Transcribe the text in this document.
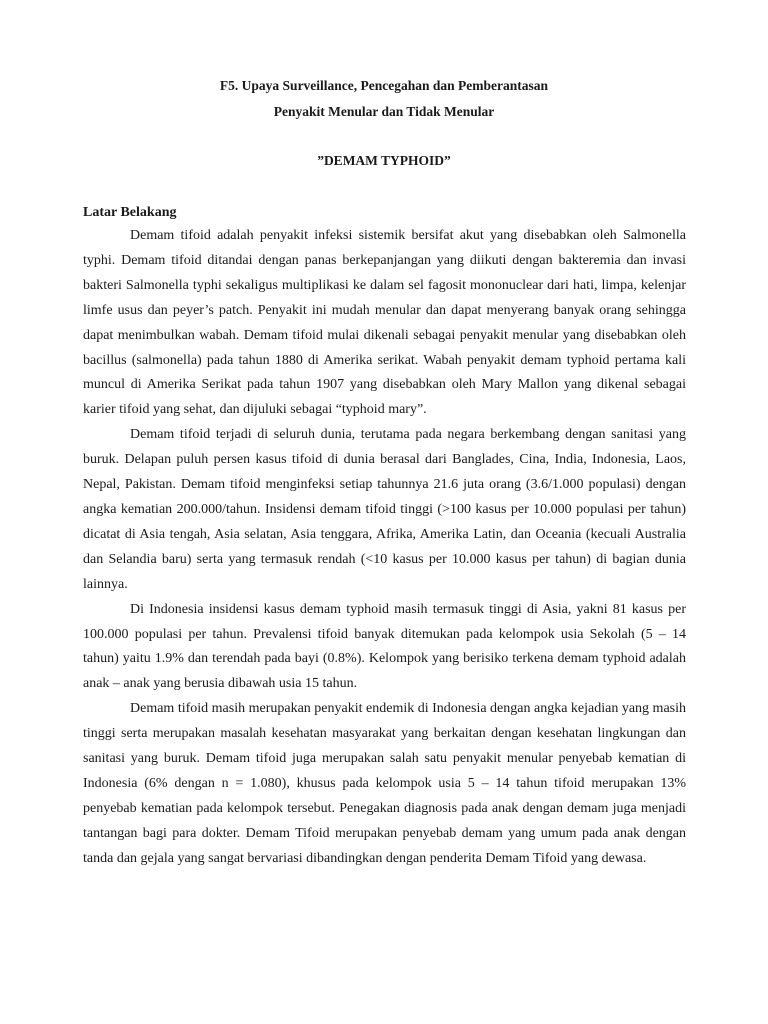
F5. Upaya Surveillance, Pencegahan dan Pemberantasan
Penyakit Menular dan Tidak Menular
”DEMAM TYPHOID”
Latar Belakang

Demam tifoid adalah penyakit infeksi sistemik bersifat akut yang disebabkan oleh Salmonella typhi. Demam tifoid ditandai dengan panas berkepanjangan yang diikuti dengan bakteremia dan invasi bakteri Salmonella typhi sekaligus multiplikasi ke dalam sel fagosit mononuclear dari hati, limpa, kelenjar limfe usus dan peyer’s patch. Penyakit ini mudah menular dan dapat menyerang banyak orang sehingga dapat menimbulkan wabah. Demam tifoid mulai dikenali sebagai penyakit menular yang disebabkan oleh bacillus (salmonella) pada tahun 1880 di Amerika serikat. Wabah penyakit demam typhoid pertama kali muncul di Amerika Serikat pada tahun 1907 yang disebabkan oleh Mary Mallon yang dikenal sebagai karier tifoid yang sehat, dan dijuluki sebagai “typhoid mary”.

Demam tifoid terjadi di seluruh dunia, terutama pada negara berkembang dengan sanitasi yang buruk. Delapan puluh persen kasus tifoid di dunia berasal dari Banglades, Cina, India, Indonesia, Laos, Nepal, Pakistan. Demam tifoid menginfeksi setiap tahunnya 21.6 juta orang (3.6/1.000 populasi) dengan angka kematian 200.000/tahun. Insidensi demam tifoid tinggi (>100 kasus per 10.000 populasi per tahun) dicatat di Asia tengah, Asia selatan, Asia tenggara, Afrika, Amerika Latin, dan Oceania (kecuali Australia dan Selandia baru) serta yang termasuk rendah (<10 kasus per 10.000 kasus per tahun) di bagian dunia lainnya.

Di Indonesia insidensi kasus demam typhoid masih termasuk tinggi di Asia, yakni 81 kasus per 100.000 populasi per tahun. Prevalensi tifoid banyak ditemukan pada kelompok usia Sekolah (5 – 14 tahun) yaitu 1.9% dan terendah pada bayi (0.8%). Kelompok yang berisiko terkena demam typhoid adalah anak – anak yang berusia dibawah usia 15 tahun.

Demam tifoid masih merupakan penyakit endemik di Indonesia dengan angka kejadian yang masih tinggi serta merupakan masalah kesehatan masyarakat yang berkaitan dengan kesehatan lingkungan dan sanitasi yang buruk. Demam tifoid juga merupakan salah satu penyakit menular penyebab kematian di Indonesia (6% dengan n = 1.080), khusus pada kelompok usia 5 – 14 tahun tifoid merupakan 13% penyebab kematian pada kelompok tersebut. Penegakan diagnosis pada anak dengan demam juga menjadi tantangan bagi para dokter. Demam Tifoid merupakan penyebab demam yang umum pada anak dengan tanda dan gejala yang sangat bervariasi dibandingkan dengan penderita Demam Tifoid yang dewasa.
